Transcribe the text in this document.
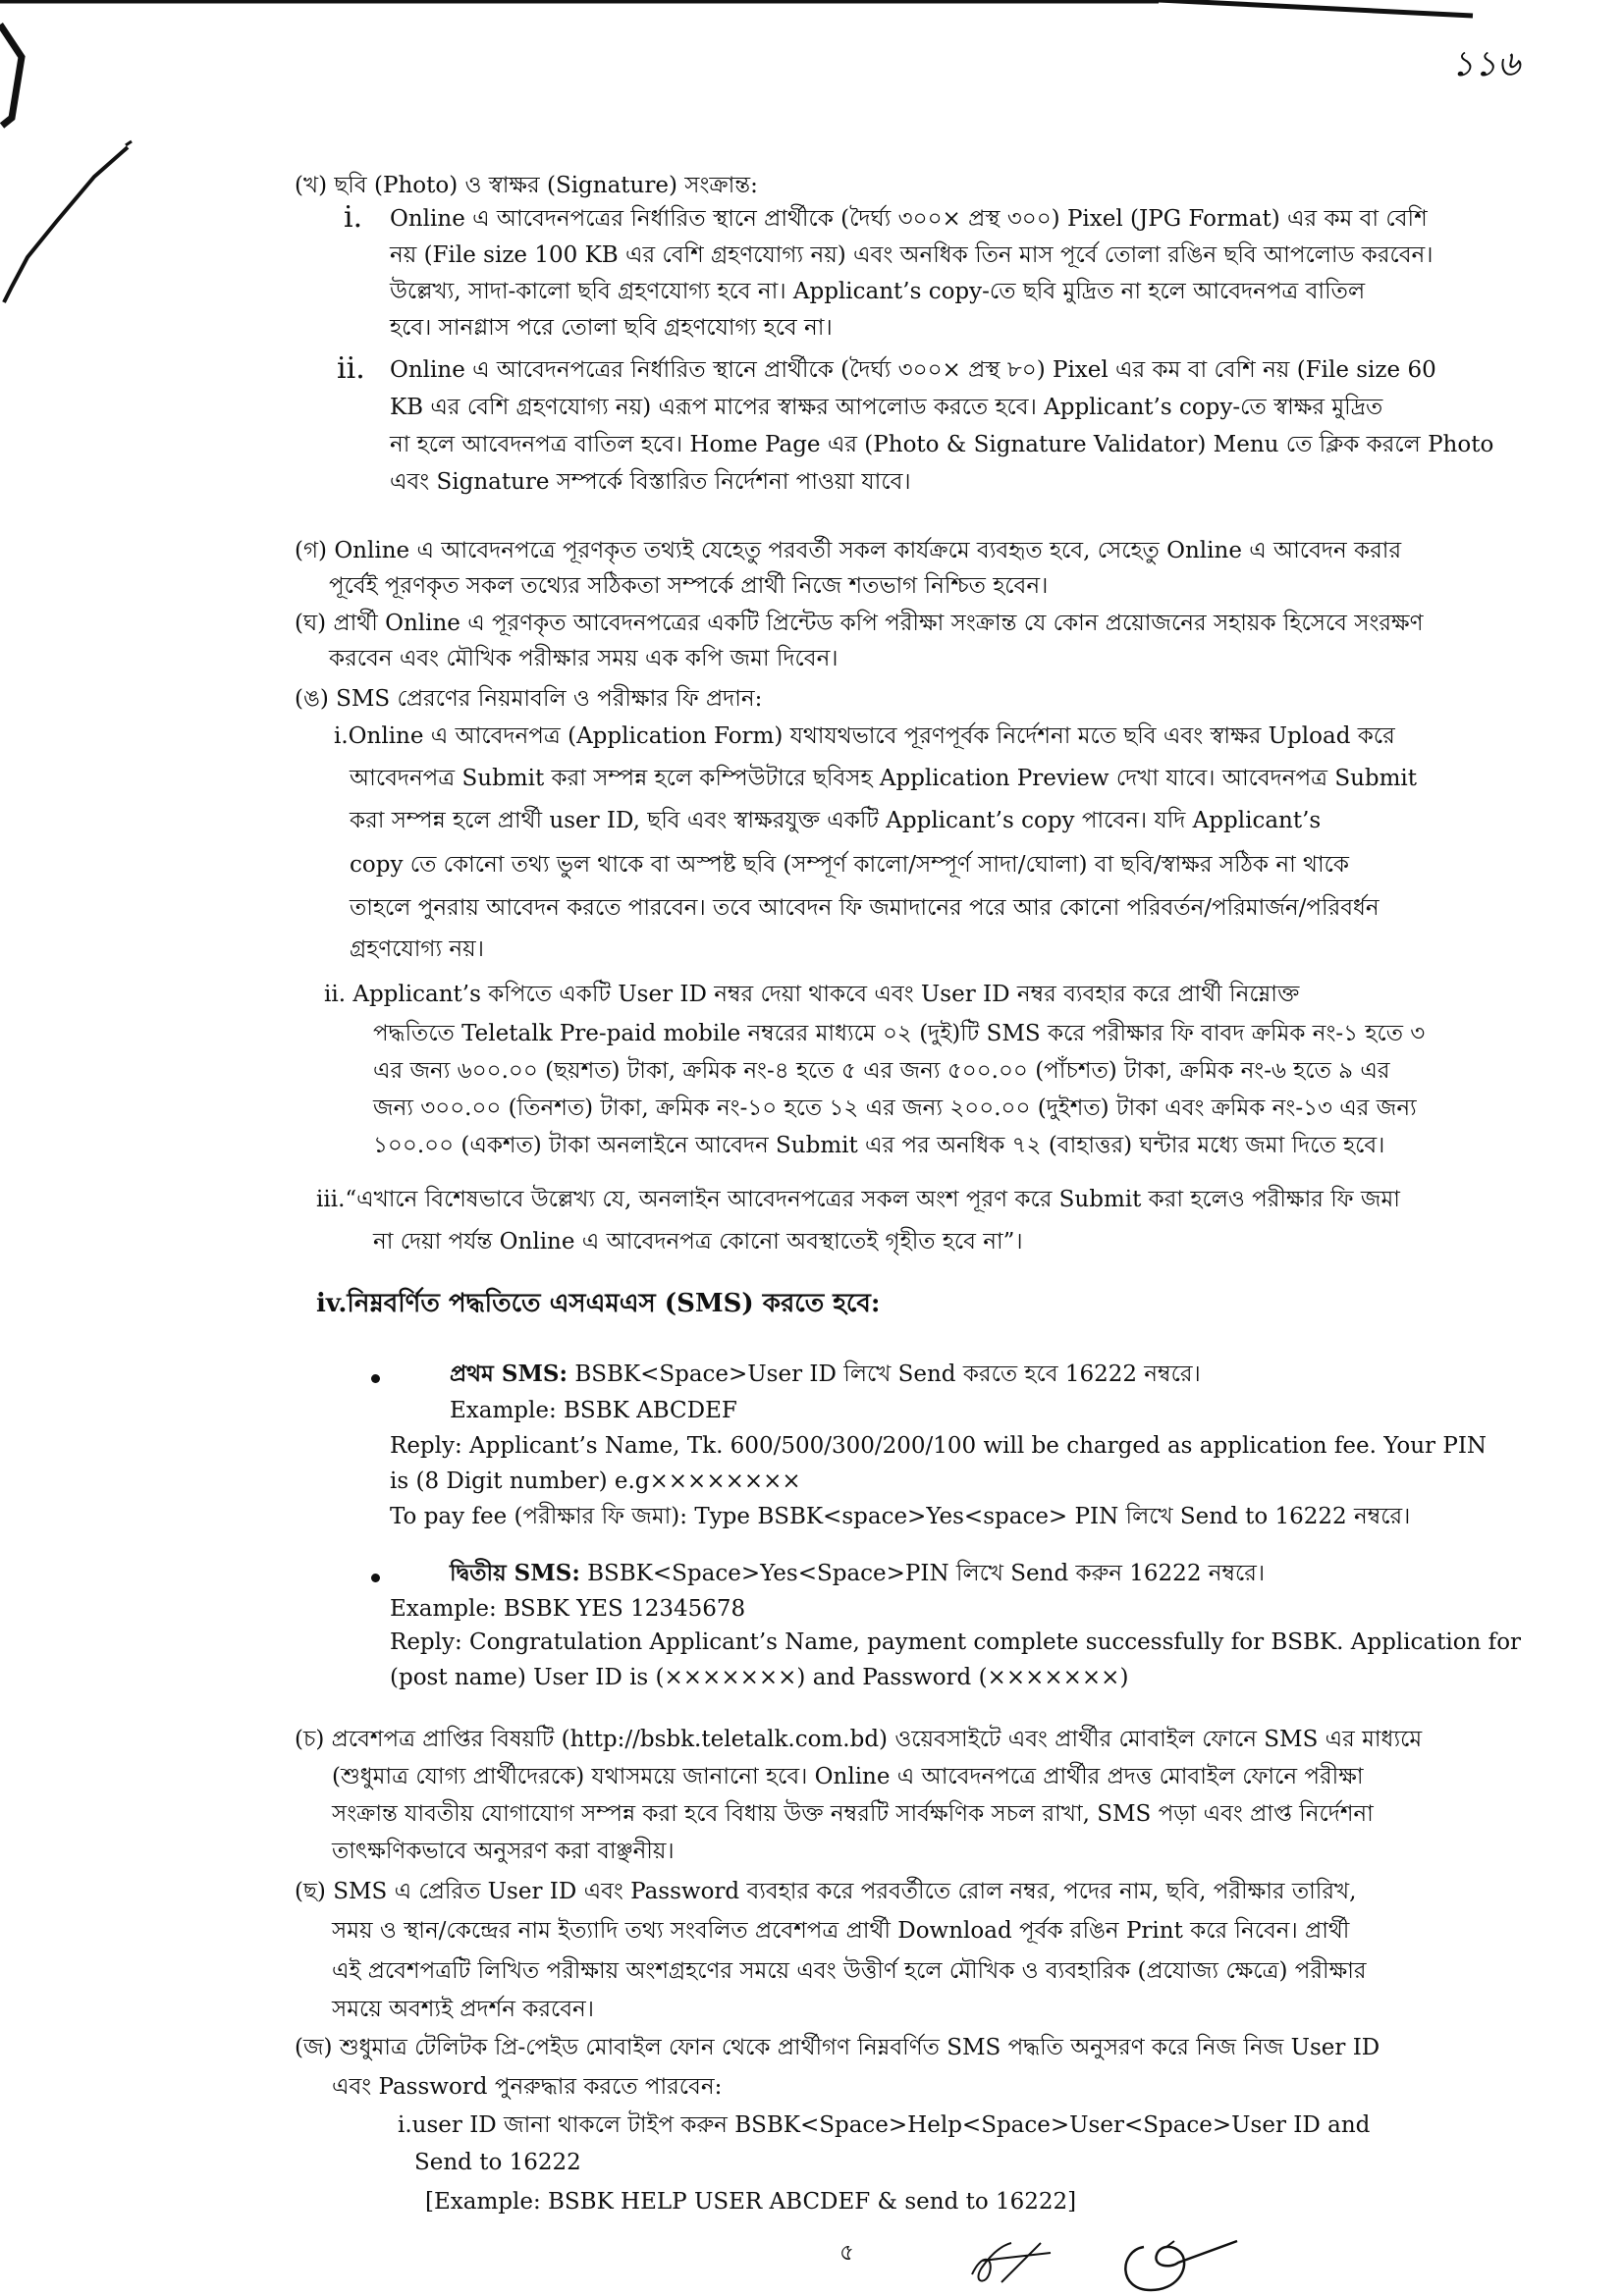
১১৬
(খ) ছবি (Photo) ও স্বাক্ষর (Signature) সংক্রান্ত:
i. Online এ আবেদনপত্রের নির্ধারিত স্থানে প্রার্থীকে (দৈর্ঘ্য ৩০০× প্রস্থ ৩০০) Pixel (JPG Format) এর কম বা বেশি
নয় (File size 100 KB এর বেশি গ্রহণযোগ্য নয়) এবং অনধিক তিন মাস পূর্বে তোলা রঙিন ছবি আপলোড করবেন।
উল্লেখ্য, সাদা-কালো ছবি গ্রহণযোগ্য হবে না। Applicant’s copy-তে ছবি মুদ্রিত না হলে আবেদনপত্র বাতিল
হবে। সানগ্লাস পরে তোলা ছবি গ্রহণযোগ্য হবে না।
ii. Online এ আবেদনপত্রের নির্ধারিত স্থানে প্রার্থীকে (দৈর্ঘ্য ৩০০× প্রস্থ ৮০) Pixel এর কম বা বেশি নয় (File size 60
KB এর বেশি গ্রহণযোগ্য নয়) এরূপ মাপের স্বাক্ষর আপলোড করতে হবে। Applicant’s copy-তে স্বাক্ষর মুদ্রিত
না হলে আবেদনপত্র বাতিল হবে। Home Page এর (Photo & Signature Validator) Menu তে ক্লিক করলে Photo
এবং Signature সম্পর্কে বিস্তারিত নির্দেশনা পাওয়া যাবে।
(গ) Online এ আবেদনপত্রে পূরণকৃত তথ্যই যেহেতু পরবর্তী সকল কার্যক্রমে ব্যবহৃত হবে, সেহেতু Online এ আবেদন করার
পূর্বেই পূরণকৃত সকল তথ্যের সঠিকতা সম্পর্কে প্রার্থী নিজে শতভাগ নিশ্চিত হবেন।
(ঘ) প্রার্থী Online এ পূরণকৃত আবেদনপত্রের একটি প্রিন্টেড কপি পরীক্ষা সংক্রান্ত যে কোন প্রয়োজনের সহায়ক হিসেবে সংরক্ষণ
করবেন এবং মৌখিক পরীক্ষার সময় এক কপি জমা দিবেন।
(ঙ) SMS প্রেরণের নিয়মাবলি ও পরীক্ষার ফি প্রদান:
i.Online এ আবেদনপত্র (Application Form) যথাযথভাবে পূরণপূর্বক নির্দেশনা মতে ছবি এবং স্বাক্ষর Upload করে
আবেদনপত্র Submit করা সম্পন্ন হলে কম্পিউটারে ছবিসহ Application Preview দেখা যাবে। আবেদনপত্র Submit
করা সম্পন্ন হলে প্রার্থী user ID, ছবি এবং স্বাক্ষরযুক্ত একটি Applicant’s copy পাবেন। যদি Applicant’s
copy তে কোনো তথ্য ভুল থাকে বা অস্পষ্ট ছবি (সম্পূর্ণ কালো/সম্পূর্ণ সাদা/ঘোলা) বা ছবি/স্বাক্ষর সঠিক না থাকে
তাহলে পুনরায় আবেদন করতে পারবেন। তবে আবেদন ফি জমাদানের পরে আর কোনো পরিবর্তন/পরিমার্জন/পরিবর্ধন
গ্রহণযোগ্য নয়।
ii. Applicant’s কপিতে একটি User ID নম্বর দেয়া থাকবে এবং User ID নম্বর ব্যবহার করে প্রার্থী নিম্নোক্ত
পদ্ধতিতে Teletalk Pre-paid mobile নম্বরের মাধ্যমে ০২ (দুই)টি SMS করে পরীক্ষার ফি বাবদ ক্রমিক নং-১ হতে ৩
এর জন্য ৬০০.০০ (ছয়শত) টাকা, ক্রমিক নং-৪ হতে ৫ এর জন্য ৫০০.০০ (পাঁচশত) টাকা, ক্রমিক নং-৬ হতে ৯ এর
জন্য ৩০০.০০ (তিনশত) টাকা, ক্রমিক নং-১০ হতে ১২ এর জন্য ২০০.০০ (দুইশত) টাকা এবং ক্রমিক নং-১৩ এর জন্য
১০০.০০ (একশত) টাকা অনলাইনে আবেদন Submit এর পর অনধিক ৭২ (বাহাত্তর) ঘন্টার মধ্যে জমা দিতে হবে।
iii.“এখানে বিশেষভাবে উল্লেখ্য যে, অনলাইন আবেদনপত্রের সকল অংশ পূরণ করে Submit করা হলেও পরীক্ষার ফি জমা
না দেয়া পর্যন্ত Online এ আবেদনপত্র কোনো অবস্থাতেই গৃহীত হবে না”।
iv.নিম্নবর্ণিত পদ্ধতিতে এসএমএস (SMS) করতে হবে:
প্রথম SMS: BSBK<Space>User ID লিখে Send করতে হবে 16222 নম্বরে।
Example: BSBK ABCDEF
Reply: Applicant’s Name, Tk. 600/500/300/200/100 will be charged as application fee. Your PIN
is (8 Digit number) e.g××××××××
To pay fee (পরীক্ষার ফি জমা): Type BSBK<space>Yes<space> PIN লিখে Send to 16222 নম্বরে।
দ্বিতীয় SMS: BSBK<Space>Yes<Space>PIN লিখে Send করুন 16222 নম্বরে।
Example: BSBK YES 12345678
Reply: Congratulation Applicant’s Name, payment complete successfully for BSBK. Application for
(post name) User ID is (×××××××) and Password (×××××××)
(চ) প্রবেশপত্র প্রাপ্তির বিষয়টি (http://bsbk.teletalk.com.bd) ওয়েবসাইটে এবং প্রার্থীর মোবাইল ফোনে SMS এর মাধ্যমে
(শুধুমাত্র যোগ্য প্রার্থীদেরকে) যথাসময়ে জানানো হবে। Online এ আবেদনপত্রে প্রার্থীর প্রদত্ত মোবাইল ফোনে পরীক্ষা
সংক্রান্ত যাবতীয় যোগাযোগ সম্পন্ন করা হবে বিধায় উক্ত নম্বরটি সার্বক্ষণিক সচল রাখা, SMS পড়া এবং প্রাপ্ত নির্দেশনা
তাৎক্ষণিকভাবে অনুসরণ করা বাঞ্ছনীয়।
(ছ) SMS এ প্রেরিত User ID এবং Password ব্যবহার করে পরবর্তীতে রোল নম্বর, পদের নাম, ছবি, পরীক্ষার তারিখ,
সময় ও স্থান/কেন্দ্রের নাম ইত্যাদি তথ্য সংবলিত প্রবেশপত্র প্রার্থী Download পূর্বক রঙিন Print করে নিবেন। প্রার্থী
এই প্রবেশপত্রটি লিখিত পরীক্ষায় অংশগ্রহণের সময়ে এবং উত্তীর্ণ হলে মৌখিক ও ব্যবহারিক (প্রযোজ্য ক্ষেত্রে) পরীক্ষার
সময়ে অবশ্যই প্রদর্শন করবেন।
(জ) শুধুমাত্র টেলিটক প্রি-পেইড মোবাইল ফোন থেকে প্রার্থীগণ নিম্নবর্ণিত SMS পদ্ধতি অনুসরণ করে নিজ নিজ User ID
এবং Password পুনরুদ্ধার করতে পারবেন:
i.user ID জানা থাকলে টাইপ করুন BSBK<Space>Help<Space>User<Space>User ID and
Send to 16222
[Example: BSBK HELP USER ABCDEF & send to 16222]
৫
